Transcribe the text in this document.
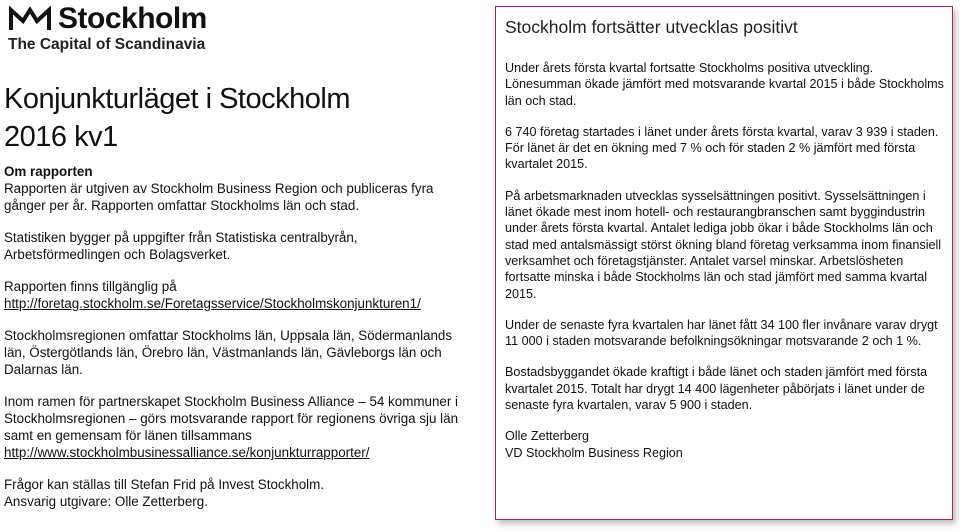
Stockholm
The Capital of Scandinavia
Konjunkturläget i Stockholm
2016 kv1

Om rapporten

Rapporten är utgiven av Stockholm Business Region och publiceras fyra gånger per år. Rapporten omfattar Stockholms län och stad.

Statistiken bygger på uppgifter från Statistiska centralbyrån, Arbetsförmedlingen och Bolagsverket.

Rapporten finns tillgänglig på
http://foretag.stockholm.se/Foretagsservice/Stockholmskonjunkturen1/

Stockholmsregionen omfattar Stockholms län, Uppsala län, Södermanlands län, Östergötlands län, Örebro län, Västmanlands län, Gävleborgs län och Dalarnas län.

Inom ramen för partnerskapet Stockholm Business Alliance – 54 kommuner i Stockholmsregionen – görs motsvarande rapport för regionens övriga sju län samt en gemensam för länen tillsammans
http://www.stockholmbusinessalliance.se/konjunkturrapporter/

Frågor kan ställas till Stefan Frid på Invest Stockholm.

Ansvarig utgivare: Olle Zetterberg.

Stockholm fortsätter utvecklas positivt

Under årets första kvartal fortsatte Stockholms positiva utveckling. Lönesumman ökade jämfört med motsvarande kvartal 2015 i både Stockholms län och stad.

6 740 företag startades i länet under årets första kvartal, varav 3 939 i staden. För länet är det en ökning med 7 % och för staden 2 % jämfört med första kvartalet 2015.

På arbetsmarknaden utvecklas sysselsättningen positivt. Sysselsättningen i länet ökade mest inom hotell- och restaurangbranschen samt byggindustrin under årets första kvartal. Antalet lediga jobb ökar i både Stockholms län och stad med antalsmässigt störst ökning bland företag verksamma inom finansiell verksamhet och företagstjänster. Antalet varsel minskar. Arbetslösheten fortsatte minska i både Stockholms län och stad jämfört med samma kvartal 2015.

Under de senaste fyra kvartalen har länet fått 34 100 fler invånare varav drygt 11 000 i staden motsvarande befolkningsökningar motsvarande 2 och 1 %.

Bostadsbyggandet ökade kraftigt i både länet och staden jämfört med första kvartalet 2015. Totalt har drygt 14 400 lägenheter påbörjats i länet under de senaste fyra kvartalen, varav 5 900 i staden.

Olle Zetterberg

VD Stockholm Business Region
